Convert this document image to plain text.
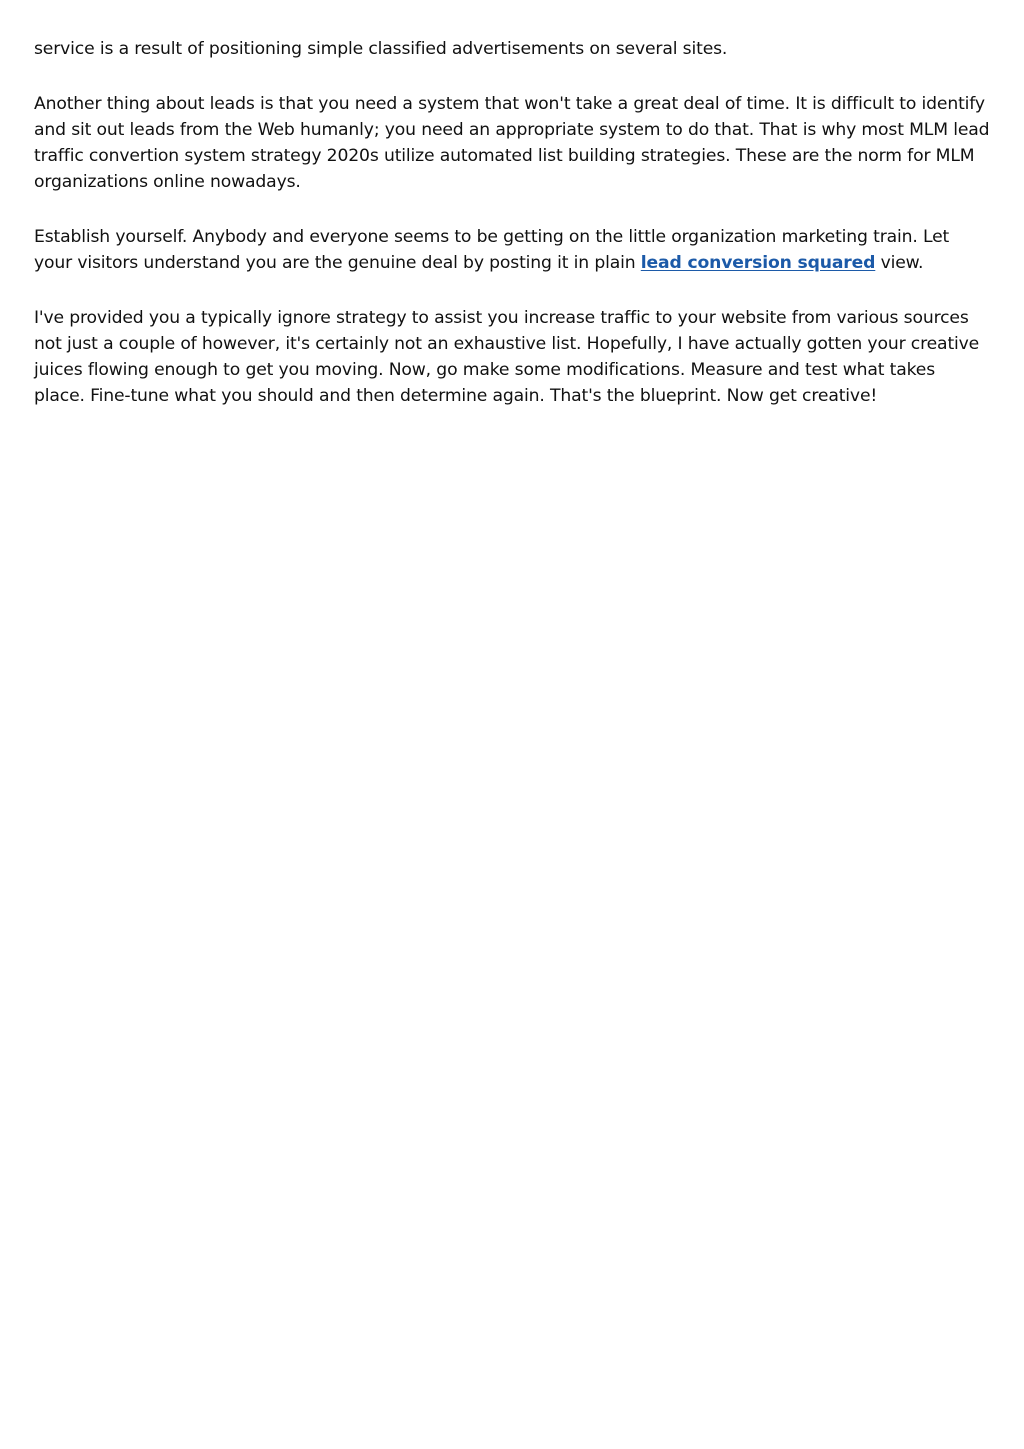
service is a result of positioning simple classified advertisements on several sites.

Another thing about leads is that you need a system that won't take a great deal of time. It is difficult to identify and sit out leads from the Web humanly; you need an appropriate system to do that. That is why most MLM lead traffic convertion system strategy 2020s utilize automated list building strategies. These are the norm for MLM organizations online nowadays.

Establish yourself. Anybody and everyone seems to be getting on the little organization marketing train. Let your visitors understand you are the genuine deal by posting it in plain lead conversion squared view.

I've provided you a typically ignore strategy to assist you increase traffic to your website from various sources not just a couple of however, it's certainly not an exhaustive list. Hopefully, I have actually gotten your creative juices flowing enough to get you moving. Now, go make some modifications. Measure and test what takes place. Fine-tune what you should and then determine again. That's the blueprint. Now get creative!
